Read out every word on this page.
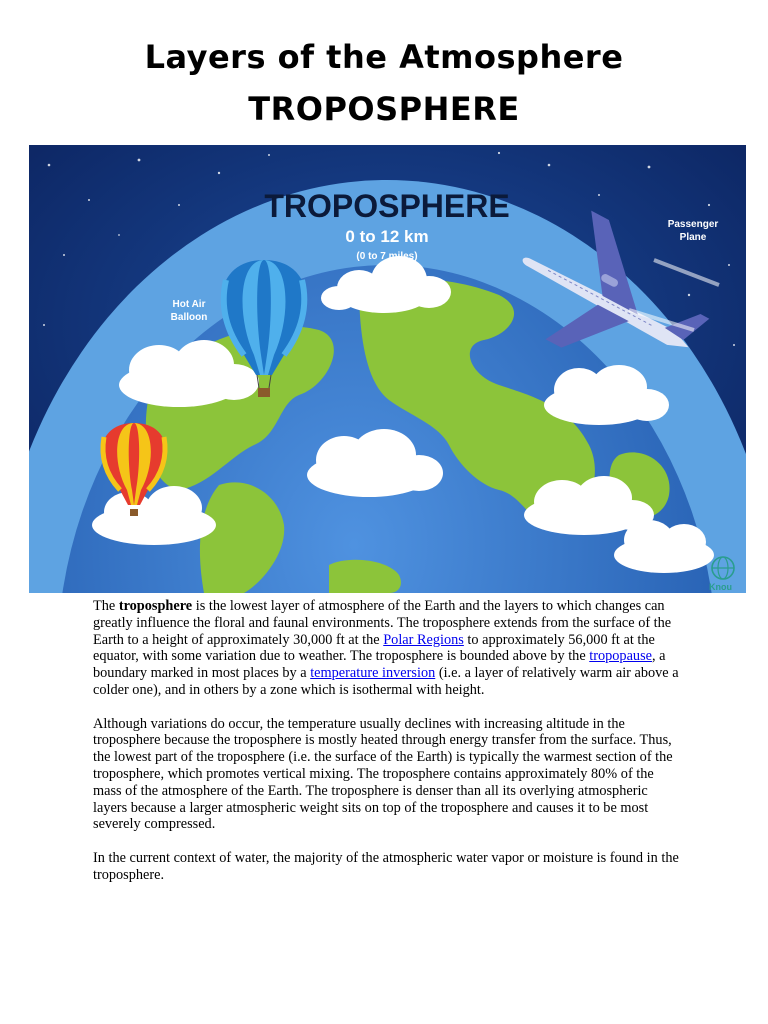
Layers of the Atmosphere
TROPOSPHERE
TROPOSPHERE
0 to 12 km
(0 to 7 miles)
Hot Air
Balloon
Passenger
Plane
Knou

The troposphere is the lowest layer of atmosphere of the Earth and the layers to which changes can greatly influence the floral and faunal environments. The troposphere extends from the surface of the Earth to a height of approximately 30,000 ft at the Polar Regions to approximately 56,000 ft at the equator, with some variation due to weather. The troposphere is bounded above by the tropopause, a boundary marked in most places by a temperature inversion (i.e. a layer of relatively warm air above a colder one), and in others by a zone which is isothermal with height.

Although variations do occur, the temperature usually declines with increasing altitude in the troposphere because the troposphere is mostly heated through energy transfer from the surface. Thus, the lowest part of the troposphere (i.e. the surface of the Earth) is typically the warmest section of the troposphere, which promotes vertical mixing. The troposphere contains approximately 80% of the mass of the atmosphere of the Earth. The troposphere is denser than all its overlying atmospheric layers because a larger atmospheric weight sits on top of the troposphere and causes it to be most severely compressed.

In the current context of water, the majority of the atmospheric water vapor or moisture is found in the troposphere.
